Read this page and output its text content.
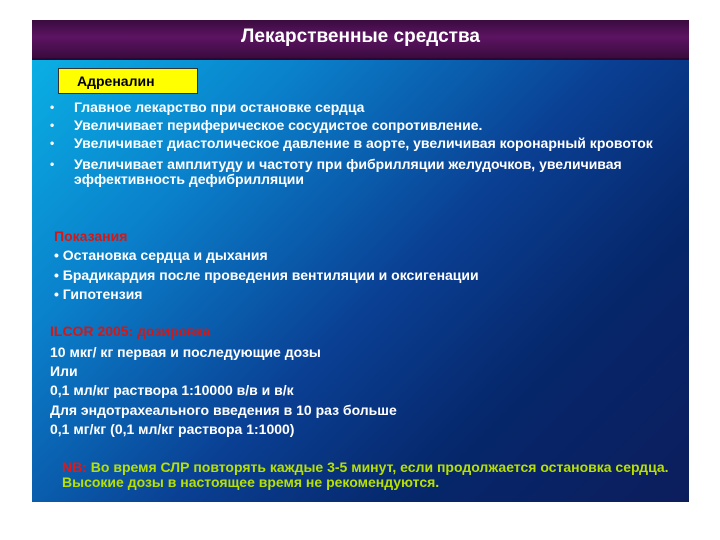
Лекарственные средства
Адреналин
•	Главное лекарство при остановке сердца
•	Увеличивает периферическое сосудистое сопротивление.
•	Увеличивает диастолическое давление в аорте, увеличивая коронарный кровоток
•	Увеличивает амплитуду и частоту при фибрилляции желудочков, увеличивая эффективность дефибрилляции
Показания
• Остановка сердца и дыхания
• Брадикардия после проведения вентиляции и оксигенации
• Гипотензия
ILCOR 2005: дозировка
10 мкг/ кг первая и последующие дозы
Или
0,1 мл/кг раствора 1:10000 в/в и в/к
Для эндотрахеального введения в 10 раз больше
0,1 мг/кг (0,1 мл/кг раствора 1:1000)
NB: Во время СЛР повторять каждые 3-5 минут, если продолжается остановка сердца. Высокие дозы в настоящее время не рекомендуются.
